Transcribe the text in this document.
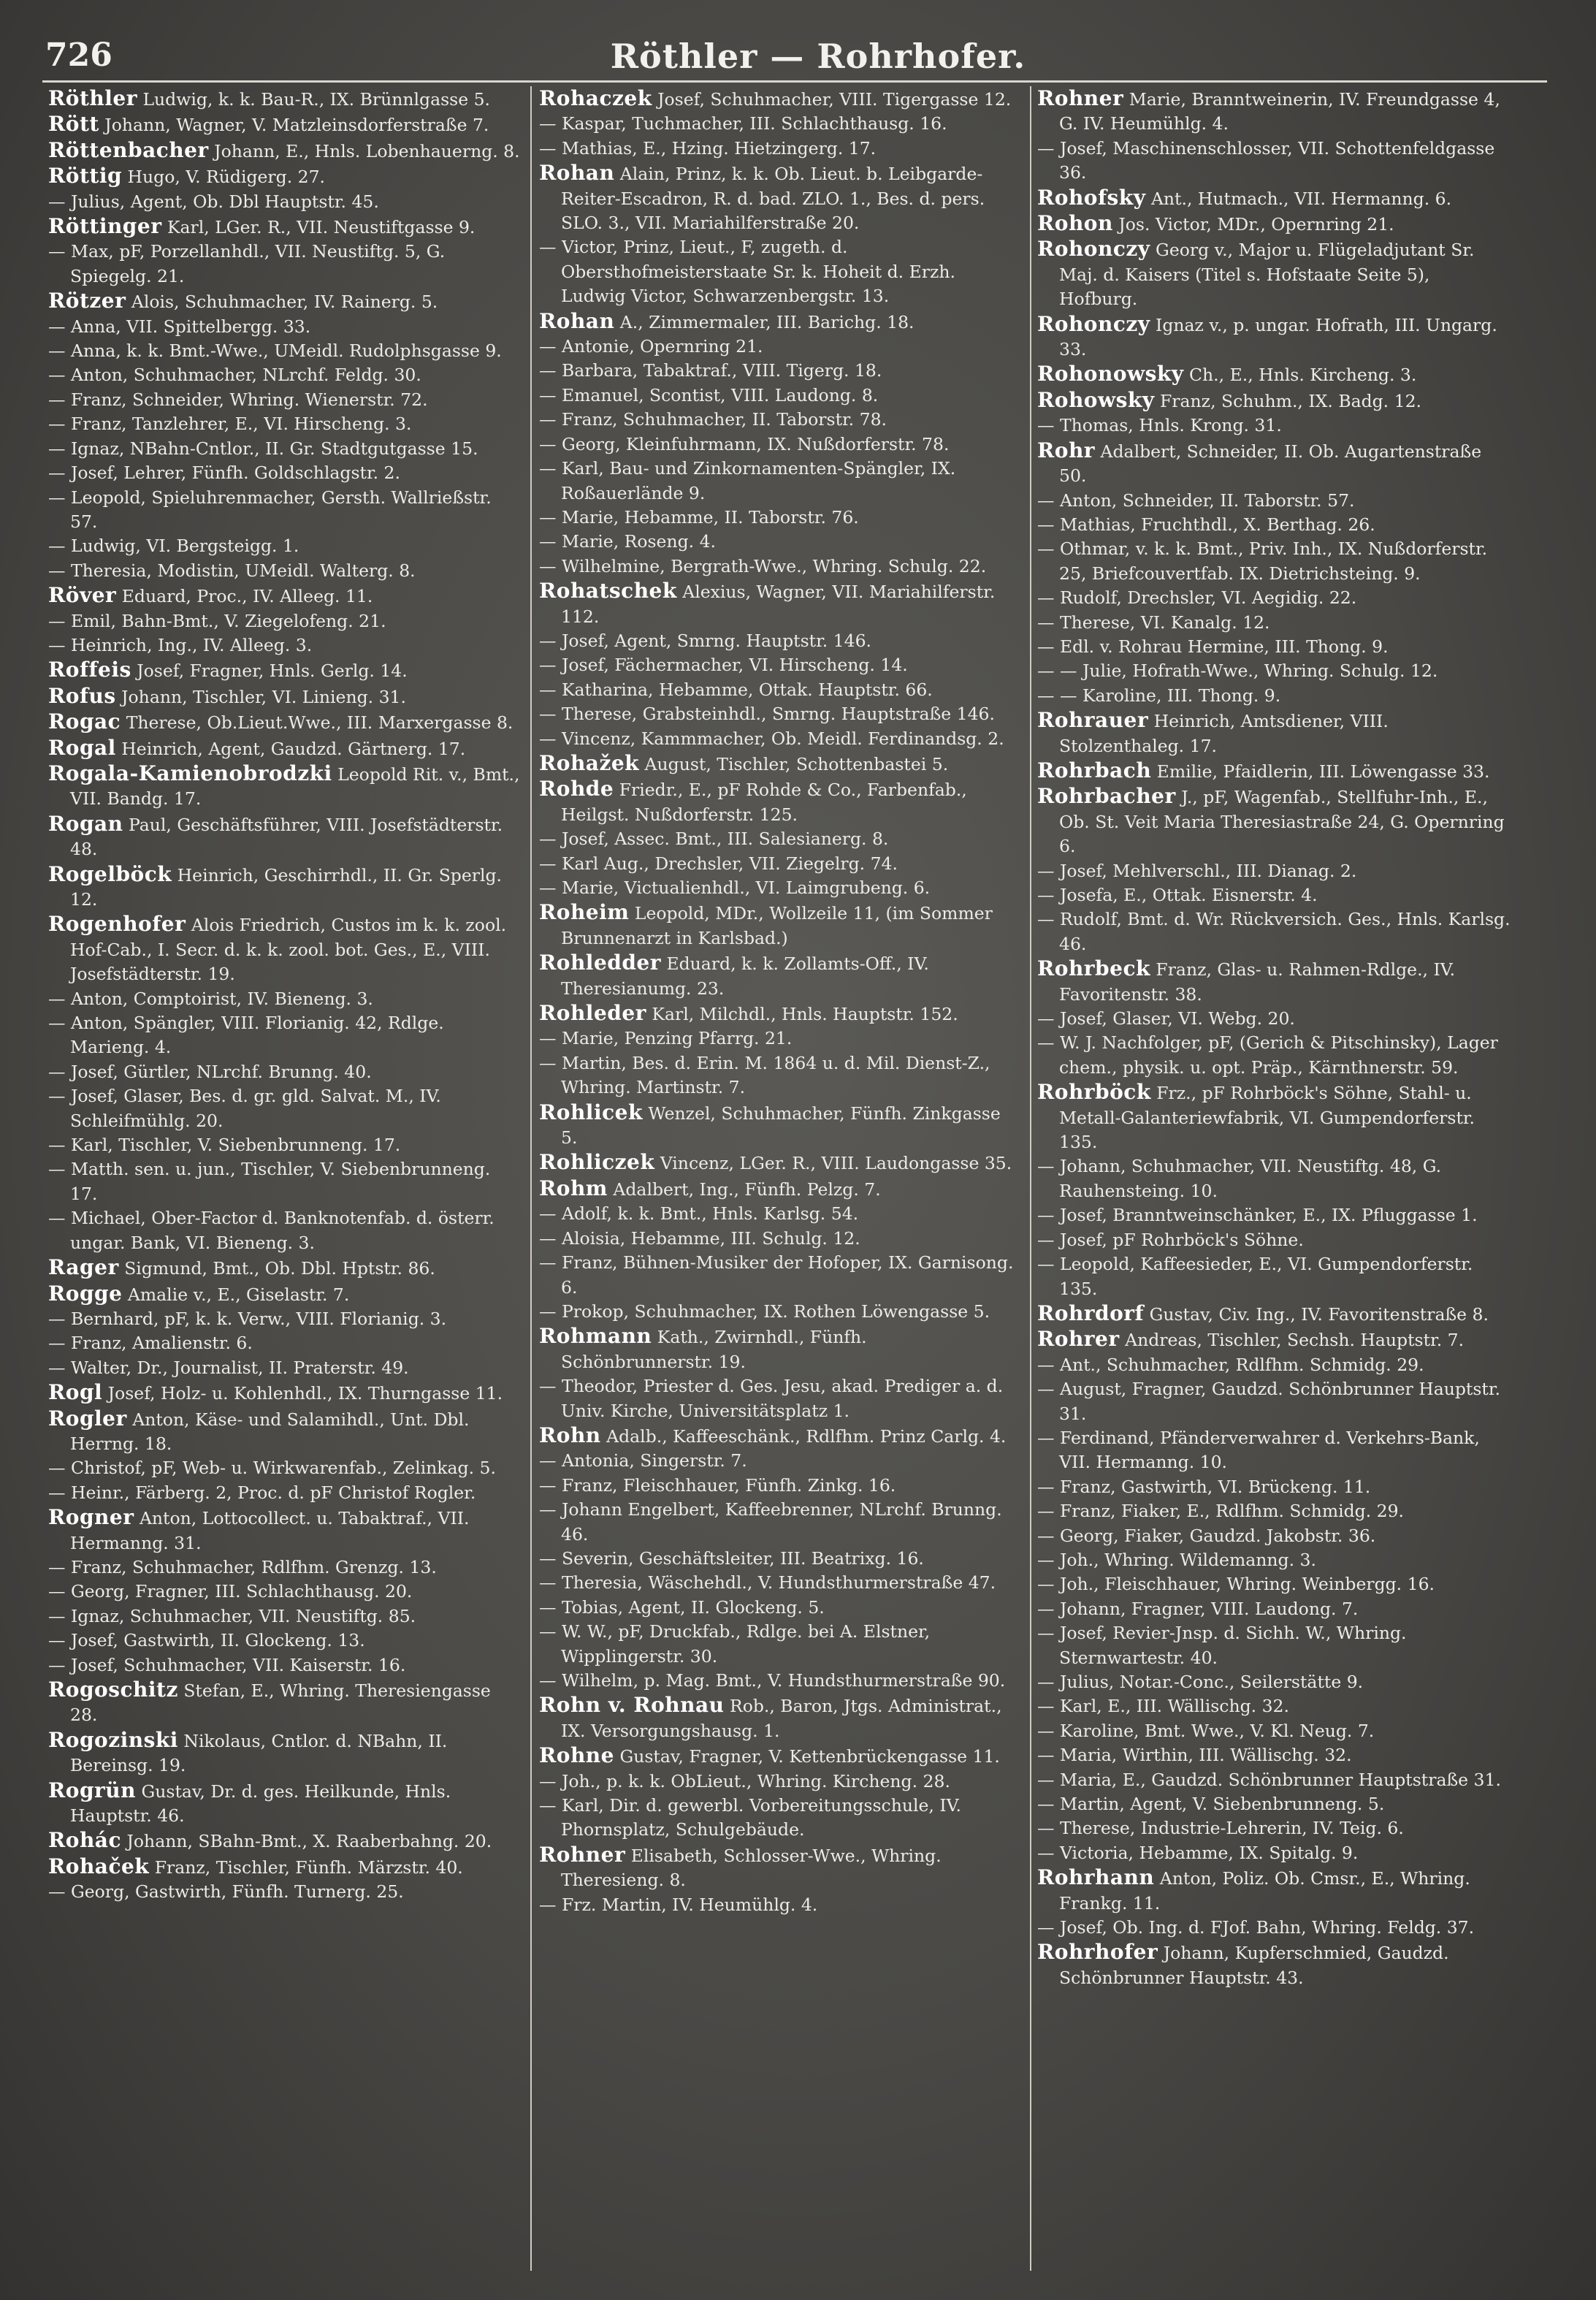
726	Röthler — Rohrhofer.
Röthler Ludwig, k. k. Bau-R., IX. Brünnlgasse 5.
Rött Johann, Wagner, V. Matzleinsdorferstraße 7.
Röttenbacher Johann, E., Hnls. Lobenhauerng. 8.
Röttig Hugo, V. Rüdigerg. 27.
— Julius, Agent, Ob. Dbl Hauptstr. 45.
Röttinger Karl, LGer. R., VII. Neustiftgasse 9.
— Max, pF, Porzellanhdl., VII. Neustiftg. 5, G. Spiegelg. 21.
Rötzer Alois, Schuhmacher, IV. Rainerg. 5.
— Anna, VII. Spittelbergg. 33.
— Anna, k. k. Bmt.-Wwe., UMeidl. Rudolphsgasse 9.
— Anton, Schuhmacher, NLrchf. Feldg. 30.
— Franz, Schneider, Whring. Wienerstr. 72.
— Franz, Tanzlehrer, E., VI. Hirscheng. 3.
— Ignaz, NBahn-Cntlor., II. Gr. Stadtgutgasse 15.
— Josef, Lehrer, Fünfh. Goldschlagstr. 2.
— Leopold, Spieluhrenmacher, Gersth. Wallrießstr. 57.
— Ludwig, VI. Bergsteigg. 1.
— Theresia, Modistin, UMeidl. Walterg. 8.
Röver Eduard, Proc., IV. Alleeg. 11.
— Emil, Bahn-Bmt., V. Ziegelofeng. 21.
— Heinrich, Ing., IV. Alleeg. 3.
Roffeis Josef, Fragner, Hnls. Gerlg. 14.
Rofus Johann, Tischler, VI. Linieng. 31.
Rogac Therese, Ob.Lieut.Wwe., III. Marxergasse 8.
Rogal Heinrich, Agent, Gaudzd. Gärtnerg. 17.
Rogala-Kamienobrodzki Leopold Rit. v., Bmt., VII. Bandg. 17.
Rogan Paul, Geschäftsführer, VIII. Josefstädterstr. 48.
Rogelböck Heinrich, Geschirrhdl., II. Gr. Sperlg. 12.
Rogenhofer Alois Friedrich, Custos im k. k. zool. Hof-Cab., I. Secr. d. k. k. zool. bot. Ges., E., VIII. Josefstädterstr. 19.
— Anton, Comptoirist, IV. Bieneng. 3.
— Anton, Spängler, VIII. Florianig. 42, Rdlge. Marieng. 4.
— Josef, Gürtler, NLrchf. Brunng. 40.
— Josef, Glaser, Bes. d. gr. gld. Salvat. M., IV. Schleifmühlg. 20.
— Karl, Tischler, V. Siebenbrunneng. 17.
— Matth. sen. u. jun., Tischler, V. Siebenbrunneng. 17.
— Michael, Ober-Factor d. Banknotenfab. d. österr. ungar. Bank, VI. Bieneng. 3.
Rager Sigmund, Bmt., Ob. Dbl. Hptstr. 86.
Rogge Amalie v., E., Giselastr. 7.
— Bernhard, pF, k. k. Verw., VIII. Florianig. 3.
— Franz, Amalienstr. 6.
— Walter, Dr., Journalist, II. Praterstr. 49.
Rogl Josef, Holz- u. Kohlenhdl., IX. Thurngasse 11.
Rogler Anton, Käse- und Salamihdl., Unt. Dbl. Herrng. 18.
— Christof, pF, Web- u. Wirkwarenfab., Zelinkag. 5.
— Heinr., Färberg. 2, Proc. d. pF Christof Rogler.
Rogner Anton, Lottocollect. u. Tabaktraf., VII. Hermanng. 31.
— Franz, Schuhmacher, Rdlfhm. Grenzg. 13.
— Georg, Fragner, III. Schlachthausg. 20.
— Ignaz, Schuhmacher, VII. Neustiftg. 85.
— Josef, Gastwirth, II. Glockeng. 13.
— Josef, Schuhmacher, VII. Kaiserstr. 16.
Rogoschitz Stefan, E., Whring. Theresiengasse 28.
Rogozinski Nikolaus, Cntlor. d. NBahn, II. Bereinsg. 19.
Rogrün Gustav, Dr. d. ges. Heilkunde, Hnls. Hauptstr. 46.
Rohác Johann, SBahn-Bmt., X. Raaberbahng. 20.
Rohaček Franz, Tischler, Fünfh. Märzstr. 40.
— Georg, Gastwirth, Fünfh. Turnerg. 25.
Rohaczek Josef, Schuhmacher, VIII. Tigergasse 12.
— Kaspar, Tuchmacher, III. Schlachthausg. 16.
— Mathias, E., Hzing. Hietzingerg. 17.
Rohan Alain, Prinz, k. k. Ob. Lieut. b. Leibgarde-Reiter-Escadron, R. d. bad. ZLO. 1., Bes. d. pers. SLO. 3., VII. Mariahilferstraße 20.
— Victor, Prinz, Lieut., F, zugeth. d. Obersthofmeisterstaate Sr. k. Hoheit d. Erzh. Ludwig Victor, Schwarzenbergstr. 13.
Rohan A., Zimmermaler, III. Barichg. 18.
— Antonie, Opernring 21.
— Barbara, Tabaktraf., VIII. Tigerg. 18.
— Emanuel, Scontist, VIII. Laudong. 8.
— Franz, Schuhmacher, II. Taborstr. 78.
— Georg, Kleinfuhrmann, IX. Nußdorferstr. 78.
— Karl, Bau- und Zinkornamenten-Spängler, IX. Roßauerlände 9.
— Marie, Hebamme, II. Taborstr. 76.
— Marie, Roseng. 4.
— Wilhelmine, Bergrath-Wwe., Whring. Schulg. 22.
Rohatschek Alexius, Wagner, VII. Mariahilferstr. 112.
— Josef, Agent, Smrng. Hauptstr. 146.
— Josef, Fächermacher, VI. Hirscheng. 14.
— Katharina, Hebamme, Ottak. Hauptstr. 66.
— Therese, Grabsteinhdl., Smrng. Hauptstraße 146.
— Vincenz, Kammmacher, Ob. Meidl. Ferdinandsg. 2.
Rohažek August, Tischler, Schottenbastei 5.
Rohde Friedr., E., pF Rohde & Co., Farbenfab., Heilgst. Nußdorferstr. 125.
— Josef, Assec. Bmt., III. Salesianerg. 8.
— Karl Aug., Drechsler, VII. Ziegelrg. 74.
— Marie, Victualienhdl., VI. Laimgrubeng. 6.
Roheim Leopold, MDr., Wollzeile 11, (im Sommer Brunnenarzt in Karlsbad.)
Rohledder Eduard, k. k. Zollamts-Off., IV. Theresianumg. 23.
Rohleder Karl, Milchdl., Hnls. Hauptstr. 152.
— Marie, Penzing Pfarrg. 21.
— Martin, Bes. d. Erin. M. 1864 u. d. Mil. Dienst-Z., Whring. Martinstr. 7.
Rohlicek Wenzel, Schuhmacher, Fünfh. Zinkgasse 5.
Rohliczek Vincenz, LGer. R., VIII. Laudongasse 35.
Rohm Adalbert, Ing., Fünfh. Pelzg. 7.
— Adolf, k. k. Bmt., Hnls. Karlsg. 54.
— Aloisia, Hebamme, III. Schulg. 12.
— Franz, Bühnen-Musiker der Hofoper, IX. Garnisong. 6.
— Prokop, Schuhmacher, IX. Rothen Löwengasse 5.
Rohmann Kath., Zwirnhdl., Fünfh. Schönbrunnerstr. 19.
— Theodor, Priester d. Ges. Jesu, akad. Prediger a. d. Univ. Kirche, Universitätsplatz 1.
Rohn Adalb., Kaffeeschänk., Rdlfhm. Prinz Carlg. 4.
— Antonia, Singerstr. 7.
— Franz, Fleischhauer, Fünfh. Zinkg. 16.
— Johann Engelbert, Kaffeebrenner, NLrchf. Brunng. 46.
— Severin, Geschäftsleiter, III. Beatrixg. 16.
— Theresia, Wäschehdl., V. Hundsthurmerstraße 47.
— Tobias, Agent, II. Glockeng. 5.
— W. W., pF, Druckfab., Rdlge. bei A. Elstner, Wipplingerstr. 30.
— Wilhelm, p. Mag. Bmt., V. Hundsthurmerstraße 90.
Rohn v. Rohnau Rob., Baron, Jtgs. Administrat., IX. Versorgungshausg. 1.
Rohne Gustav, Fragner, V. Kettenbrückengasse 11.
— Joh., p. k. k. ObLieut., Whring. Kircheng. 28.
— Karl, Dir. d. gewerbl. Vorbereitungsschule, IV. Phornsplatz, Schulgebäude.
Rohner Elisabeth, Schlosser-Wwe., Whring. Theresieng. 8.
— Frz. Martin, IV. Heumühlg. 4.
Rohner Marie, Branntweinerin, IV. Freundgasse 4, G. IV. Heumühlg. 4.
— Josef, Maschinenschlosser, VII. Schottenfeldgasse 36.
Rohofsky Ant., Hutmach., VII. Hermanng. 6.
Rohon Jos. Victor, MDr., Opernring 21.
Rohonczy Georg v., Major u. Flügeladjutant Sr. Maj. d. Kaisers (Titel s. Hofstaate Seite 5), Hofburg.
Rohonczy Ignaz v., p. ungar. Hofrath, III. Ungarg. 33.
Rohonowsky Ch., E., Hnls. Kircheng. 3.
Rohowsky Franz, Schuhm., IX. Badg. 12.
— Thomas, Hnls. Krong. 31.
Rohr Adalbert, Schneider, II. Ob. Augartenstraße 50.
— Anton, Schneider, II. Taborstr. 57.
— Mathias, Fruchthdl., X. Berthag. 26.
— Othmar, v. k. k. Bmt., Priv. Inh., IX. Nußdorferstr. 25, Briefcouvertfab. IX. Dietrichsteing. 9.
— Rudolf, Drechsler, VI. Aegidig. 22.
— Therese, VI. Kanalg. 12.
— Edl. v. Rohrau Hermine, III. Thong. 9.
— — Julie, Hofrath-Wwe., Whring. Schulg. 12.
— — Karoline, III. Thong. 9.
Rohrauer Heinrich, Amtsdiener, VIII. Stolzenthaleg. 17.
Rohrbach Emilie, Pfaidlerin, III. Löwengasse 33.
Rohrbacher J., pF, Wagenfab., Stellfuhr-Inh., E., Ob. St. Veit Maria Theresiastraße 24, G. Opernring 6.
— Josef, Mehlverschl., III. Dianag. 2.
— Josefa, E., Ottak. Eisnerstr. 4.
— Rudolf, Bmt. d. Wr. Rückversich. Ges., Hnls. Karlsg. 46.
Rohrbeck Franz, Glas- u. Rahmen-Rdlge., IV. Favoritenstr. 38.
— Josef, Glaser, VI. Webg. 20.
— W. J. Nachfolger, pF, (Gerich & Pitschinsky), Lager chem., physik. u. opt. Präp., Kärnthnerstr. 59.
Rohrböck Frz., pF Rohrböck's Söhne, Stahl- u. Metall-Galanteriewfabrik, VI. Gumpendorferstr. 135.
— Johann, Schuhmacher, VII. Neustiftg. 48, G. Rauhensteing. 10.
— Josef, Branntweinschänker, E., IX. Pfluggasse 1.
— Josef, pF Rohrböck's Söhne.
— Leopold, Kaffeesieder, E., VI. Gumpendorferstr. 135.
Rohrdorf Gustav, Civ. Ing., IV. Favoritenstraße 8.
Rohrer Andreas, Tischler, Sechsh. Hauptstr. 7.
— Ant., Schuhmacher, Rdlfhm. Schmidg. 29.
— August, Fragner, Gaudzd. Schönbrunner Hauptstr. 31.
— Ferdinand, Pfänderverwahrer d. Verkehrs-Bank, VII. Hermanng. 10.
— Franz, Gastwirth, VI. Brückeng. 11.
— Franz, Fiaker, E., Rdlfhm. Schmidg. 29.
— Georg, Fiaker, Gaudzd. Jakobstr. 36.
— Joh., Whring. Wildemanng. 3.
— Joh., Fleischhauer, Whring. Weinbergg. 16.
— Johann, Fragner, VIII. Laudong. 7.
— Josef, Revier-Jnsp. d. Sichh. W., Whring. Sternwartestr. 40.
— Julius, Notar.-Conc., Seilerstätte 9.
— Karl, E., III. Wällischg. 32.
— Karoline, Bmt. Wwe., V. Kl. Neug. 7.
— Maria, Wirthin, III. Wällischg. 32.
— Maria, E., Gaudzd. Schönbrunner Hauptstraße 31.
— Martin, Agent, V. Siebenbrunneng. 5.
— Therese, Industrie-Lehrerin, IV. Teig. 6.
— Victoria, Hebamme, IX. Spitalg. 9.
Rohrhann Anton, Poliz. Ob. Cmsr., E., Whring. Frankg. 11.
— Josef, Ob. Ing. d. FJof. Bahn, Whring. Feldg. 37.
Rohrhofer Johann, Kupferschmied, Gaudzd. Schönbrunner Hauptstr. 43.
